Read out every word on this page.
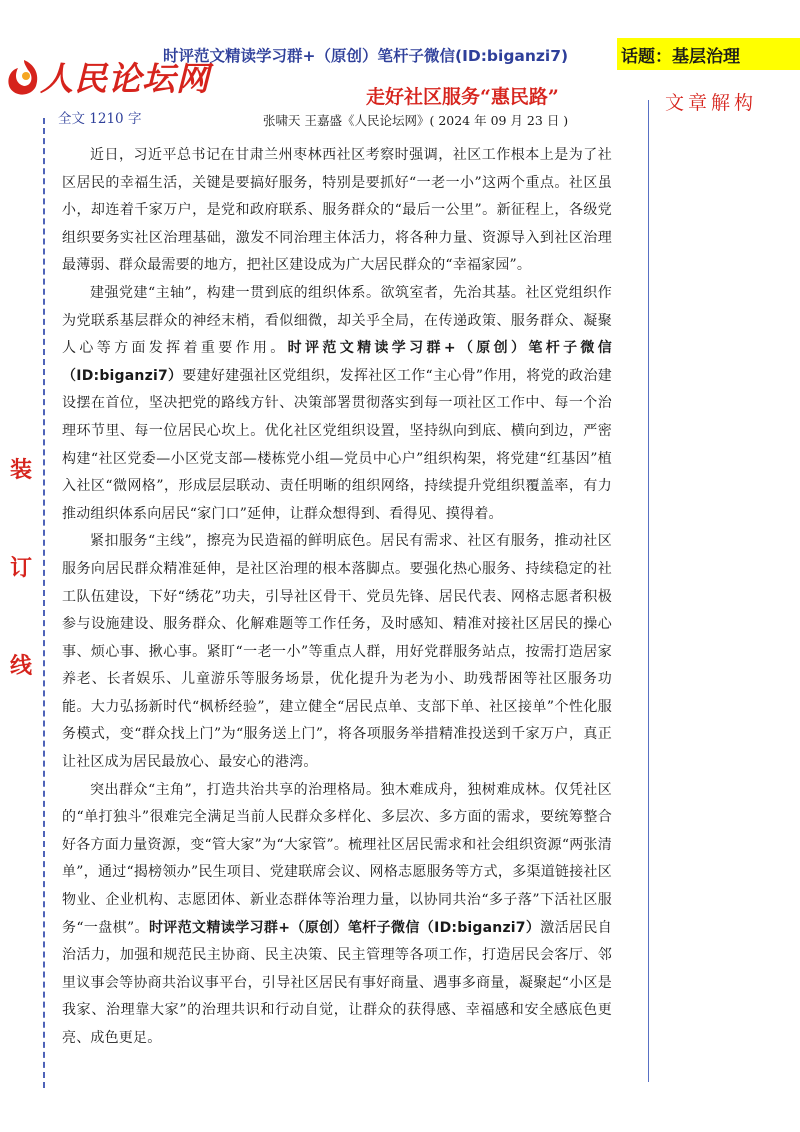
人民论坛网
时评范文精读学习群+（原创）笔杆子微信(ID:biganzi7)	话题： 基层治理
走好社区服务“惠民路”	文章解构
全文 1210 字	张啸天 王嘉盛《人民论坛网》( 2024 年 09 月 23 日 )
装
订
线

近日，习近平总书记在甘肃兰州枣林西社区考察时强调，社区工作根本上是为了社区居民的幸福生活，关键是要搞好服务，特别是要抓好“一老一小”这两个重点。社区虽小，却连着千家万户，是党和政府联系、服务群众的“最后一公里”。新征程上，各级党组织要务实社区治理基础，激发不同治理主体活力，将各种力量、资源导入到社区治理最薄弱、群众最需要的地方，把社区建设成为广大居民群众的“幸福家园”。

建强党建“主轴”，构建一贯到底的组织体系。欲筑室者，先治其基。社区党组织作为党联系基层群众的神经末梢，看似细微，却关乎全局，在传递政策、服务群众、凝聚人心等方面发挥着重要作用。时评范文精读学习群+（原创）笔杆子微信（ID:biganzi7）要建好建强社区党组织，发挥社区工作“主心骨”作用，将党的政治建设摆在首位，坚决把党的路线方针、决策部署贯彻落实到每一项社区工作中、每一个治理环节里、每一位居民心坎上。优化社区党组织设置，坚持纵向到底、横向到边，严密构建“社区党委—小区党支部—楼栋党小组—党员中心户”组织构架，将党建“红基因”植入社区“微网格”，形成层层联动、责任明晰的组织网络，持续提升党组织覆盖率，有力推动组织体系向居民“家门口”延伸，让群众想得到、看得见、摸得着。

紧扣服务“主线”，擦亮为民造福的鲜明底色。居民有需求、社区有服务，推动社区服务向居民群众精准延伸，是社区治理的根本落脚点。要强化热心服务、持续稳定的社工队伍建设，下好“绣花”功夫，引导社区骨干、党员先锋、居民代表、网格志愿者积极参与设施建设、服务群众、化解难题等工作任务，及时感知、精准对接社区居民的操心事、烦心事、揪心事。紧盯“一老一小”等重点人群，用好党群服务站点，按需打造居家养老、长者娱乐、儿童游乐等服务场景，优化提升为老为小、助残帮困等社区服务功能。大力弘扬新时代“枫桥经验”，建立健全“居民点单、支部下单、社区接单”个性化服务模式，变“群众找上门”为“服务送上门”，将各项服务举措精准投送到千家万户，真正让社区成为居民最放心、最安心的港湾。

突出群众“主角”，打造共治共享的治理格局。独木难成舟，独树难成林。仅凭社区的“单打独斗”很难完全满足当前人民群众多样化、多层次、多方面的需求，要统筹整合好各方面力量资源，变“管大家”为“大家管”。梳理社区居民需求和社会组织资源“两张清单”，通过“揭榜领办”民生项目、党建联席会议、网格志愿服务等方式，多渠道链接社区物业、企业机构、志愿团体、新业态群体等治理力量，以协同共治“多子落”下活社区服务“一盘棋”。时评范文精读学习群+（原创）笔杆子微信（ID:biganzi7）激活居民自治活力，加强和规范民主协商、民主决策、民主管理等各项工作，打造居民会客厅、邻里议事会等协商共治议事平台，引导社区居民有事好商量、遇事多商量，凝聚起“小区是我家、治理靠大家”的治理共识和行动自觉，让群众的获得感、幸福感和安全感底色更亮、成色更足。
